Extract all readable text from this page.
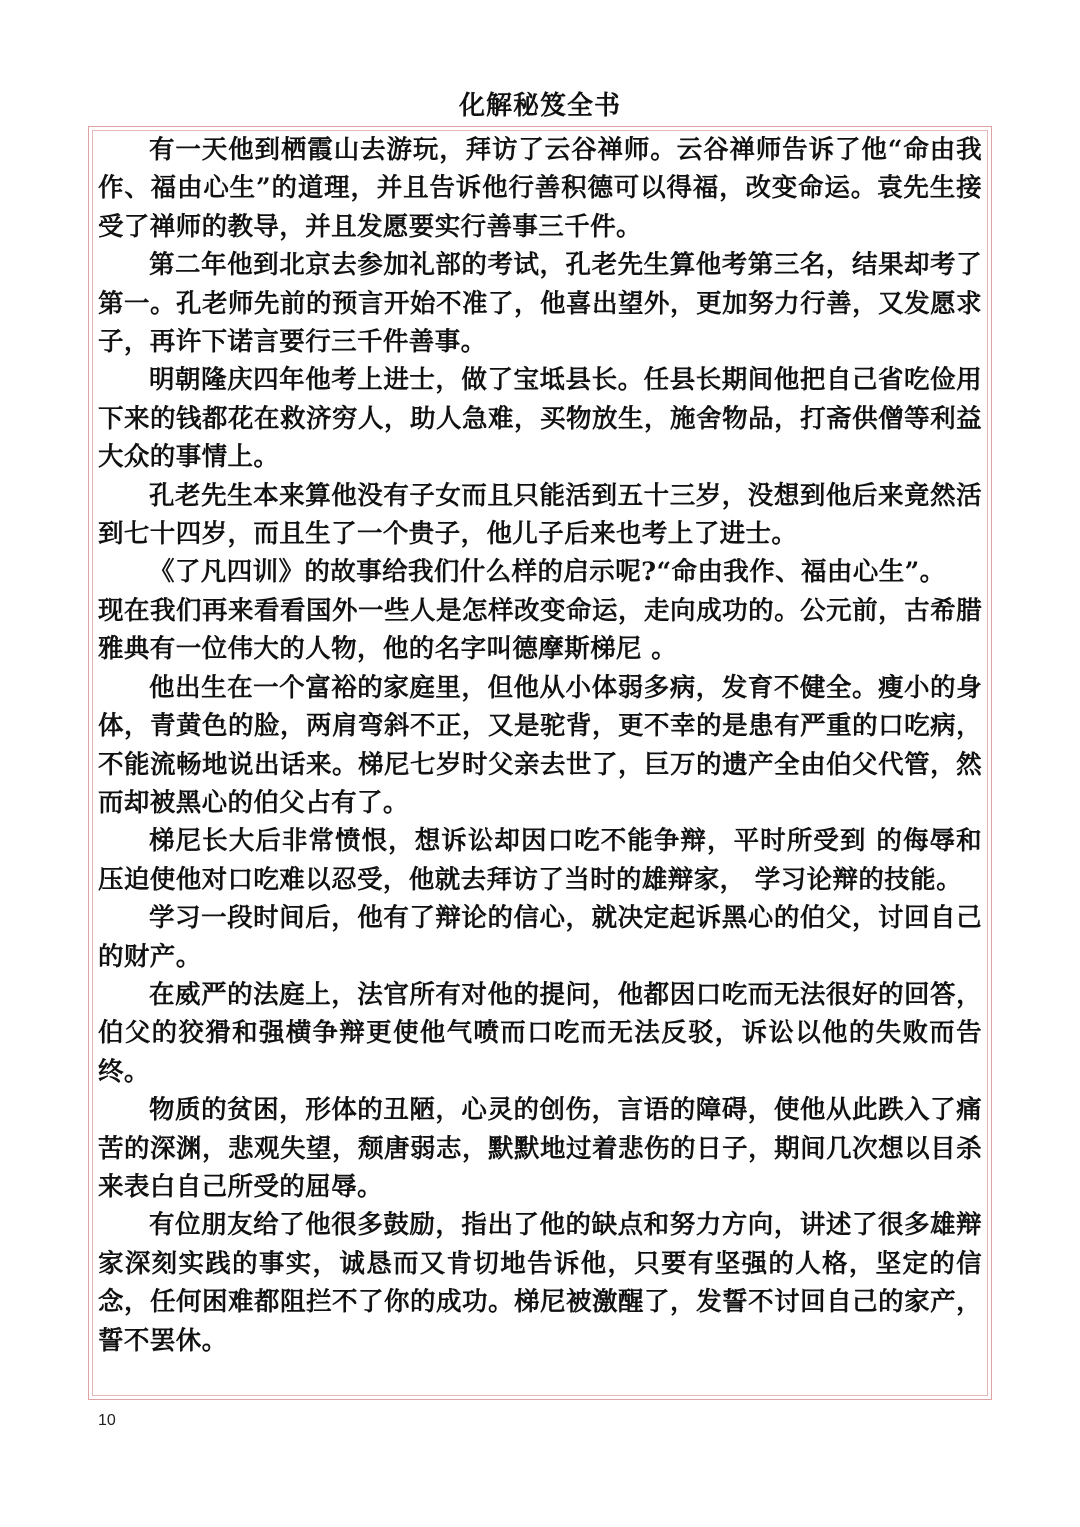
化解秘笈全书

有一天他到栖霞山去游玩，拜访了云谷禅师。云谷禅师告诉了他“命由我作、福由心生”的道理，并且告诉他行善积德可以得福，改变命运。袁先生接受了禅师的教导，并且发愿要实行善事三千件。

第二年他到北京去参加礼部的考试，孔老先生算他考第三名，结果却考了第一。孔老师先前的预言开始不准了，他喜出望外，更加努力行善，又发愿求子，再许下诺言要行三千件善事。

明朝隆庆四年他考上进士，做了宝坻县长。任县长期间他把自己省吃俭用下来的钱都花在救济穷人，助人急难，买物放生，施舍物品，打斋供僧等利益大众的事情上。

孔老先生本来算他没有子女而且只能活到五十三岁，没想到他后来竟然活到七十四岁，而且生了一个贵子，他儿子后来也考上了进士。

《了凡四训》的故事给我们什么样的启示呢?“命由我作、福由心生”。

现在我们再来看看国外一些人是怎样改变命运，走向成功的。公元前，古希腊雅典有一位伟大的人物，他的名字叫德摩斯梯尼 。

他出生在一个富裕的家庭里，但他从小体弱多病，发育不健全。瘦小的身体，青黄色的脸，两肩弯斜不正，又是驼背，更不幸的是患有严重的口吃病，不能流畅地说出话来。梯尼七岁时父亲去世了，巨万的遗产全由伯父代管，然而却被黑心的伯父占有了。

梯尼长大后非常愤恨，想诉讼却因口吃不能争辩，平时所受到 的侮辱和压迫使他对口吃难以忍受，他就去拜访了当时的雄辩家， 学习论辩的技能。

学习一段时间后，他有了辩论的信心，就决定起诉黑心的伯父，讨回自己的财产。

在威严的法庭上，法官所有对他的提问，他都因口吃而无法很好的回答，伯父的狡猾和强横争辩更使他气喷而口吃而无法反驳，诉讼以他的失败而告终。

物质的贫困，形体的丑陋，心灵的创伤，言语的障碍，使他从此跌入了痛苦的深渊，悲观失望，颓唐弱志，默默地过着悲伤的日子，期间几次想以目杀来表白自己所受的屈辱。

有位朋友给了他很多鼓励，指出了他的缺点和努力方向，讲述了很多雄辩家深刻实践的事实，诚恳而又肯切地告诉他，只要有坚强的人格，坚定的信念，任何困难都阻拦不了你的成功。梯尼被激醒了，发誓不讨回自己的家产，誓不罢休。

10
